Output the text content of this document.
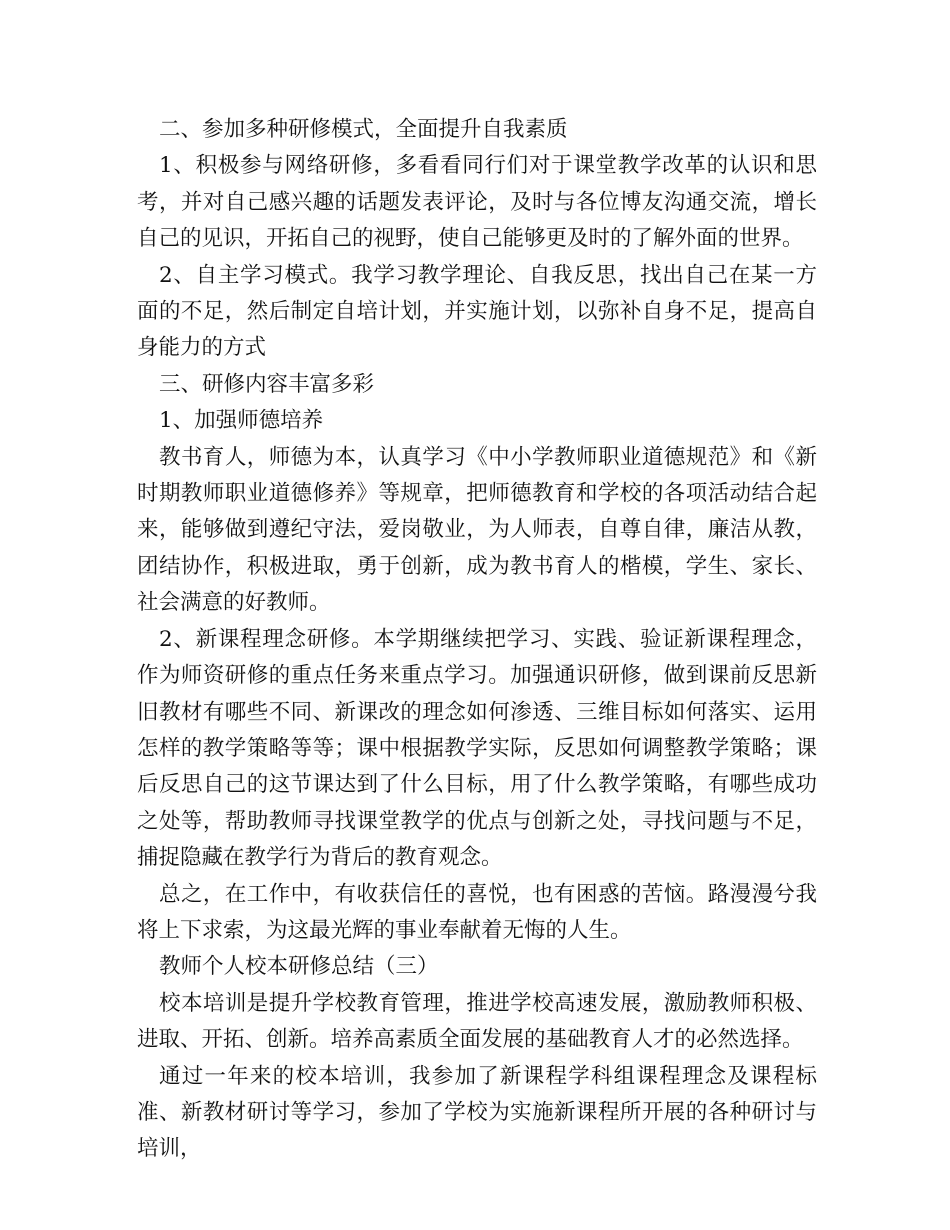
二、参加多种研修模式，全面提升自我素质

1、积极参与网络研修，多看看同行们对于课堂教学改革的认识和思考，并对自己感兴趣的话题发表评论，及时与各位博友沟通交流，增长自己的见识，开拓自己的视野，使自己能够更及时的了解外面的世界。

2、自主学习模式。我学习教学理论、自我反思，找出自己在某一方面的不足，然后制定自培计划，并实施计划，以弥补自身不足，提高自身能力的方式

三、研修内容丰富多彩

1、加强师德培养

教书育人，师德为本，认真学习《中小学教师职业道德规范》和《新时期教师职业道德修养》等规章，把师德教育和学校的各项活动结合起来，能够做到遵纪守法，爱岗敬业，为人师表，自尊自律，廉洁从教，团结协作，积极进取，勇于创新，成为教书育人的楷模，学生、家长、社会满意的好教师。

2、新课程理念研修。本学期继续把学习、实践、验证新课程理念，作为师资研修的重点任务来重点学习。加强通识研修，做到课前反思新旧教材有哪些不同、新课改的理念如何渗透、三维目标如何落实、运用怎样的教学策略等等；课中根据教学实际，反思如何调整教学策略；课后反思自己的这节课达到了什么目标，用了什么教学策略，有哪些成功之处等，帮助教师寻找课堂教学的优点与创新之处，寻找问题与不足，捕捉隐藏在教学行为背后的教育观念。

总之，在工作中，有收获信任的喜悦，也有困惑的苦恼。路漫漫兮我将上下求索，为这最光辉的事业奉献着无悔的人生。

教师个人校本研修总结（三）

校本培训是提升学校教育管理，推进学校高速发展，激励教师积极、进取、开拓、创新。培养高素质全面发展的基础教育人才的必然选择。

通过一年来的校本培训，我参加了新课程学科组课程理念及课程标准、新教材研讨等学习，参加了学校为实施新课程所开展的各种研讨与培训，
